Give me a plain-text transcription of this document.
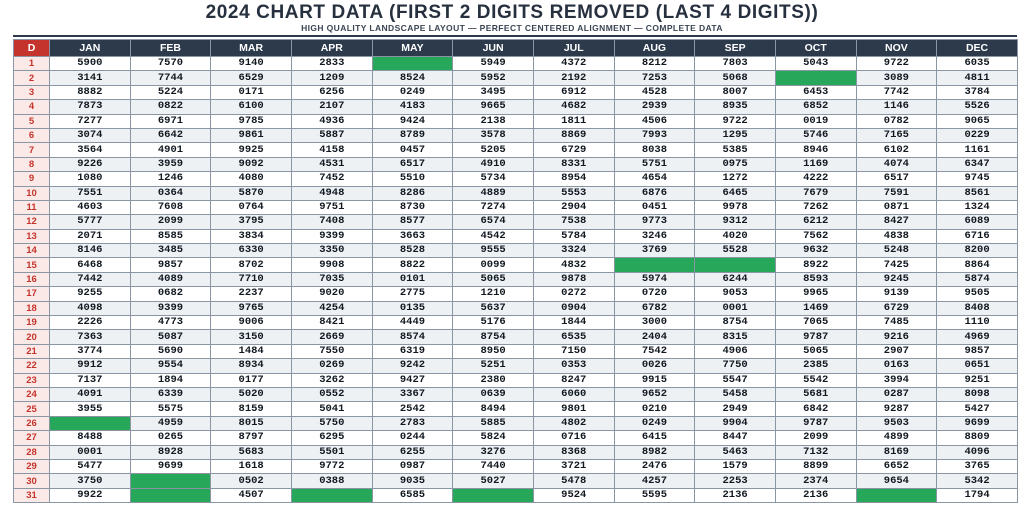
2024 CHART DATA (FIRST 2 DIGITS REMOVED (LAST 4 DIGITS))
HIGH QUALITY LANDSCAPE LAYOUT — PERFECT CENTERED ALIGNMENT — COMPLETE DATA
D	JAN	FEB	MAR	APR	MAY	JUN	JUL	AUG	SEP	OCT	NOV	DEC
1	5900	7570	9140	2833		5949	4372	8212	7803	5043	9722	6035
2	3141	7744	6529	1209	8524	5952	2192	7253	5068		3089	4811
3	8882	5224	0171	6256	0249	3495	6912	4528	8007	6453	7742	3784
4	7873	0822	6100	2107	4183	9665	4682	2939	8935	6852	1146	5526
5	7277	6971	9785	4936	9424	2138	1811	4506	9722	0019	0782	9065
6	3074	6642	9861	5887	8789	3578	8869	7993	1295	5746	7165	0229
7	3564	4901	9925	4158	0457	5205	6729	8038	5385	8946	6102	1161
8	9226	3959	9092	4531	6517	4910	8331	5751	0975	1169	4074	6347
9	1080	1246	4080	7452	5510	5734	8954	4654	1272	4222	6517	9745
10	7551	0364	5870	4948	8286	4889	5553	6876	6465	7679	7591	8561
11	4603	7608	0764	9751	8730	7274	2904	0451	9978	7262	0871	1324
12	5777	2099	3795	7408	8577	6574	7538	9773	9312	6212	8427	6089
13	2071	8585	3834	9399	3663	4542	5784	3246	4020	7562	4838	6716
14	8146	3485	6330	3350	8528	9555	3324	3769	5528	9632	5248	8200
15	6468	9857	8702	9908	8822	0099	4832			8922	7425	8864
16	7442	4089	7710	7035	0101	5065	9878	5974	6244	8593	9245	5874
17	9255	0682	2237	9020	2775	1210	0272	0720	9053	9965	9139	9505
18	4098	9399	9765	4254	0135	5637	0904	6782	0001	1469	6729	8408
19	2226	4773	9006	8421	4449	5176	1844	3000	8754	7065	7485	1110
20	7363	5087	3150	2669	8574	8754	6535	2404	8315	9787	9216	4969
21	3774	5690	1484	7550	6319	8950	7150	7542	4906	5065	2907	9857
22	9912	9554	8934	0269	9242	5251	0353	0026	7750	2385	0163	0651
23	7137	1894	0177	3262	9427	2380	8247	9915	5547	5542	3994	9251
24	4091	6339	5020	0552	3367	0639	6060	9652	5458	5681	0287	8098
25	3955	5575	8159	5041	2542	8494	9801	0210	2949	6842	9287	5427
26		4959	8015	5750	2783	5885	4802	0249	9904	9787	9503	9699
27	8488	0265	8797	6295	0244	5824	0716	6415	8447	2099	4899	8809
28	0001	8928	5683	5501	6255	3276	8368	8982	5463	7132	8169	4096
29	5477	9699	1618	9772	0987	7440	3721	2476	1579	8899	6652	3765
30	3750		0502	0388	9035	5027	5478	4257	2253	2374	9654	5342
31	9922		4507		6585		9524	5595	2136	2136		1794
